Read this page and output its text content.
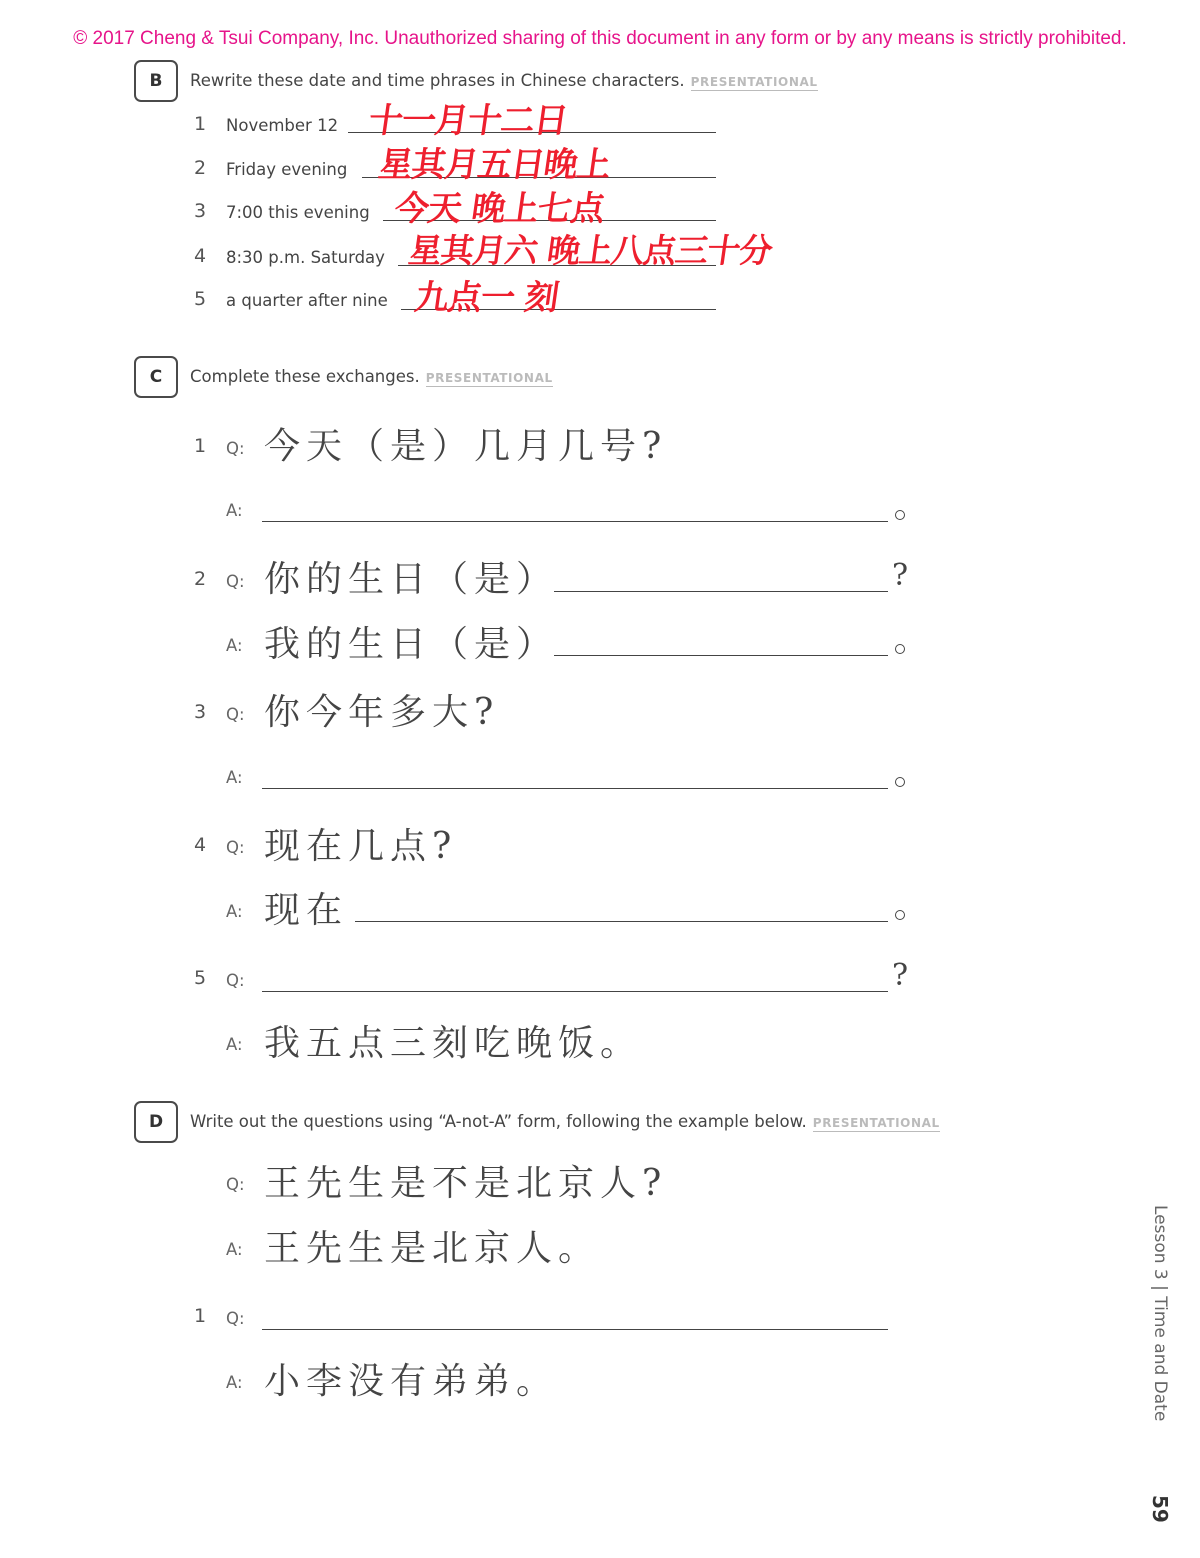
© 2017 Cheng & Tsui Company, Inc. Unauthorized sharing of this document in any form or by any means is strictly prohibited.
B	Rewrite these date and time phrases in Chinese characters. PRESENTATIONAL
1 November 12 十一月十二日
2 Friday evening 星其月五日晚上
3 7:00 this evening 今天 晚上七点
4 8:30 p.m. Saturday 星其月六 晚上八点三十分
5 a quarter after nine 九点一 刻
C	Complete these exchanges. PRESENTATIONAL
1 Q: 今天（是）几月几号?
A:
2 Q: 你的生日（是）	?
A: 我的生日（是）
3 Q: 你今年多大?
A:
4 Q: 现在几点?
A: 现在
5 Q:	?
A: 我五点三刻吃晚饭。
D	Write out the questions using “A-not-A” form, following the example below. PRESENTATIONAL
Q: 王先生是不是北京人?
A: 王先生是北京人。
1 Q:
A: 小李没有弟弟。	Lesson 3 | Time and Date
59
